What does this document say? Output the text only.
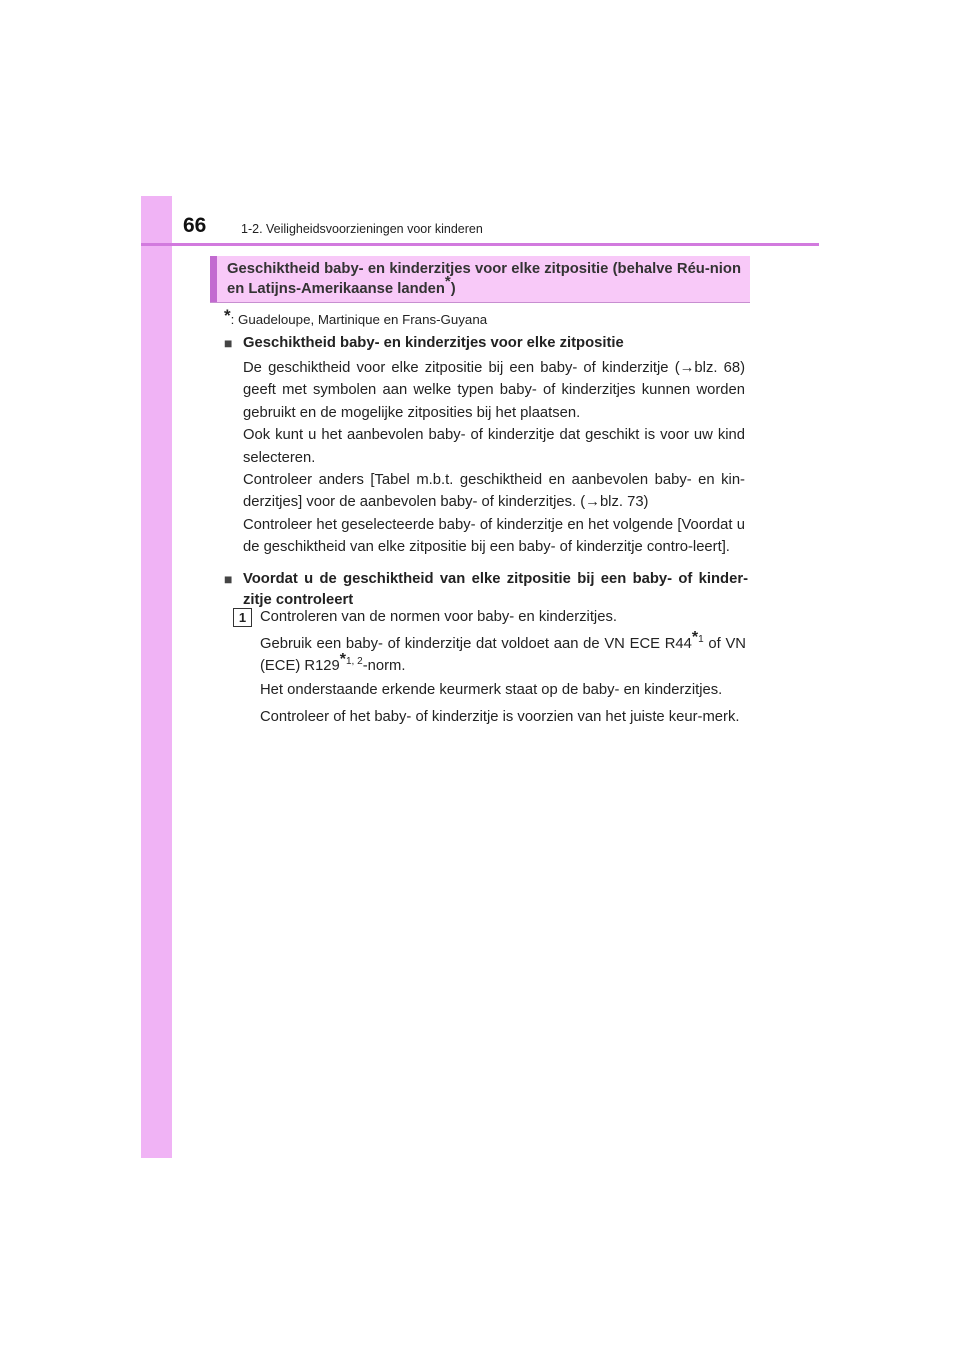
66	1-2. Veiligheidsvoorzieningen voor kinderen
Geschiktheid baby- en kinderzitjes voor elke zitpositie (behalve Réu-nion en Latijns-Amerikaanse landen*)
*: Guadeloupe, Martinique en Frans-Guyana
■ Geschiktheid baby- en kinderzitjes voor elke zitpositie

De geschiktheid voor elke zitpositie bij een baby- of kinderzitje (→blz. 68) geeft met symbolen aan welke typen baby- of kinderzitjes kunnen worden gebruikt en de mogelijke zitposities bij het plaatsen.

Ook kunt u het aanbevolen baby- of kinderzitje dat geschikt is voor uw kind selecteren.

Controleer anders [Tabel m.b.t. geschiktheid en aanbevolen baby- en kin-derzitjes] voor de aanbevolen baby- of kinderzitjes. (→blz. 73)

Controleer het geselecteerde baby- of kinderzitje en het volgende [Voordat u de geschiktheid van elke zitpositie bij een baby- of kinderzitje contro-leert].

■ Voordat u de geschiktheid van elke zitpositie bij een baby- of kinder-zitje controleert
1 Controleren van de normen voor baby- en kinderzitjes.

Gebruik een baby- of kinderzitje dat voldoet aan de VN ECE R44$^{*1}$ of VN (ECE) R129$^{*1, 2}$-norm.

Het onderstaande erkende keurmerk staat op de baby- en kinderzitjes.

Controleer of het baby- of kinderzitje is voorzien van het juiste keur-merk.
